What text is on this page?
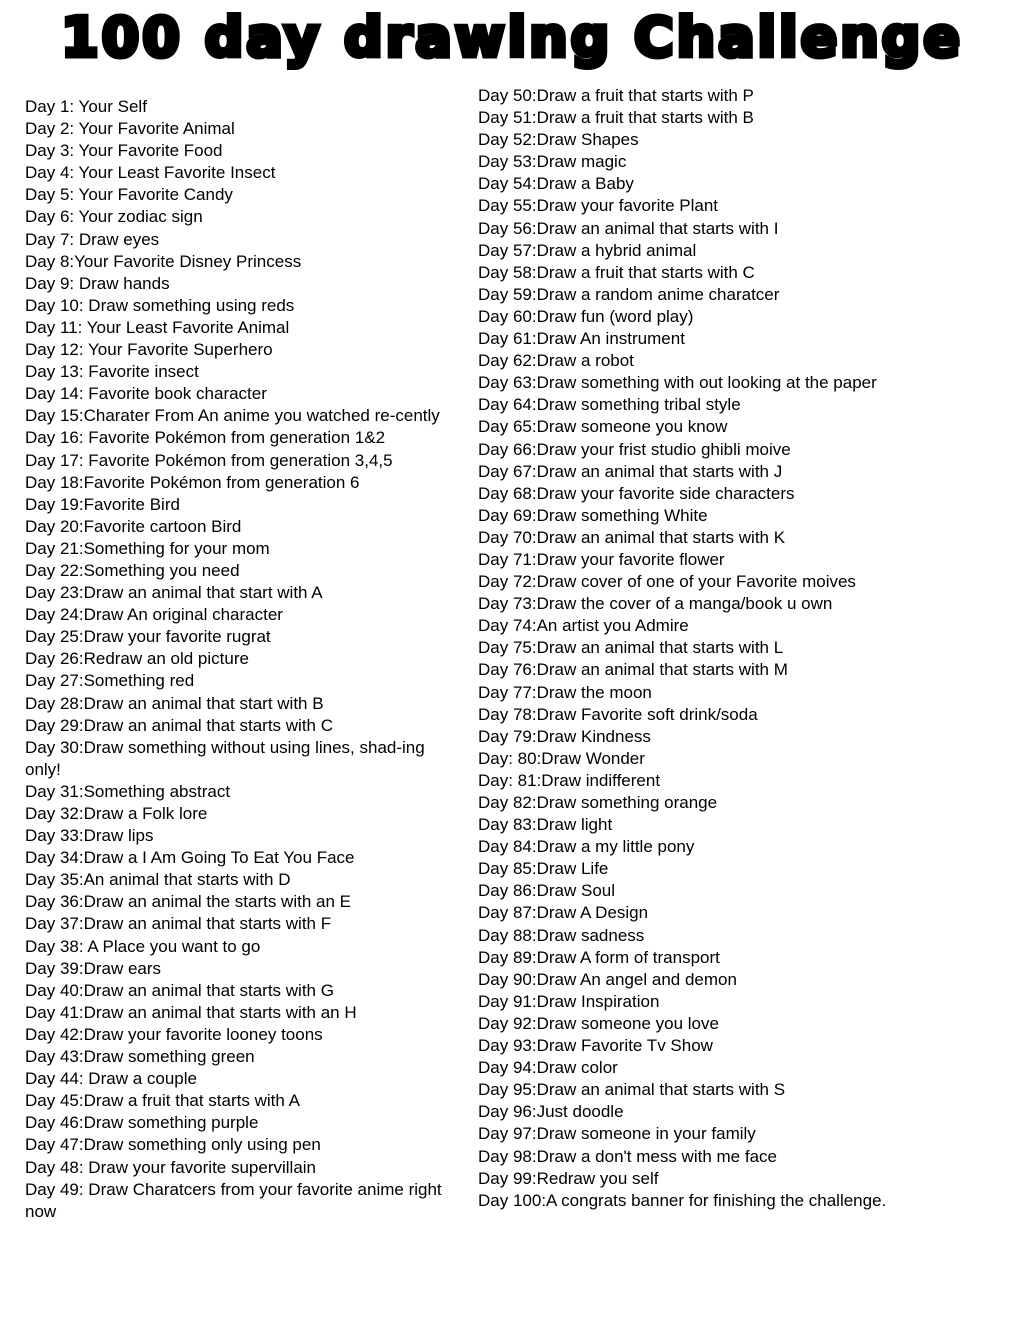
100 day drawing Challenge
Day 1: Your Self
Day 2: Your Favorite Animal
Day 3: Your Favorite Food
Day 4: Your Least Favorite Insect
Day 5: Your Favorite Candy
Day 6: Your zodiac sign
Day 7: Draw eyes
Day 8:Your Favorite Disney Princess
Day 9: Draw hands
Day 10: Draw something using reds
Day 11: Your Least Favorite Animal
Day 12: Your Favorite Superhero
Day 13: Favorite insect
Day 14: Favorite book character
Day 15:Charater From An anime you watched re-cently
Day 16: Favorite Pokémon from generation 1&2
Day 17: Favorite Pokémon from generation 3,4,5
Day 18:Favorite Pokémon from generation 6
Day 19:Favorite Bird
Day 20:Favorite cartoon Bird
Day 21:Something for your mom
Day 22:Something you need
Day 23:Draw an animal that start with A
Day 24:Draw An original character
Day 25:Draw your favorite rugrat
Day 26:Redraw an old picture
Day 27:Something red
Day 28:Draw an animal that start with B
Day 29:Draw an animal that starts with C
Day 30:Draw something without using lines, shad-ing only!
Day 31:Something abstract
Day 32:Draw a Folk lore
Day 33:Draw lips
Day 34:Draw a I Am Going To Eat You Face
Day 35:An animal that starts with D
Day 36:Draw an animal the starts with an E
Day 37:Draw an animal that starts with F
Day 38: A Place you want to go
Day 39:Draw ears
Day 40:Draw an animal that starts with G
Day 41:Draw an animal that starts with an H
Day 42:Draw your favorite looney toons
Day 43:Draw something green
Day 44: Draw a couple
Day 45:Draw a fruit that starts with A
Day 46:Draw something purple
Day 47:Draw something only using pen
Day 48: Draw your favorite supervillain
Day 49: Draw Charatcers from your favorite anime right now
Day 50:Draw a fruit that starts with P
Day 51:Draw a fruit that starts with B
Day 52:Draw Shapes
Day 53:Draw magic
Day 54:Draw a Baby
Day 55:Draw your favorite Plant
Day 56:Draw an animal that starts with I
Day 57:Draw a hybrid animal
Day 58:Draw a fruit that starts with C
Day 59:Draw a random anime charatcer
Day 60:Draw fun (word play)
Day 61:Draw An instrument
Day 62:Draw a robot
Day 63:Draw something with out looking at the paper
Day 64:Draw something tribal style
Day 65:Draw someone you know
Day 66:Draw your frist studio ghibli moive
Day 67:Draw an animal that starts with J
Day 68:Draw your favorite side characters
Day 69:Draw something White
Day 70:Draw an animal that starts with K
Day 71:Draw your favorite flower
Day 72:Draw cover of one of your Favorite moives
Day 73:Draw the cover of a manga/book u own
Day 74:An artist you Admire
Day 75:Draw an animal that starts with L
Day 76:Draw an animal that starts with M
Day 77:Draw the moon
Day 78:Draw Favorite soft drink/soda
Day 79:Draw Kindness
Day: 80:Draw Wonder
Day: 81:Draw indifferent
Day 82:Draw something orange
Day 83:Draw light
Day 84:Draw a my little pony
Day 85:Draw Life
Day 86:Draw Soul
Day 87:Draw A Design
Day 88:Draw sadness
Day 89:Draw A form of transport
Day 90:Draw An angel and demon
Day 91:Draw Inspiration
Day 92:Draw someone you love
Day 93:Draw Favorite Tv Show
Day 94:Draw color
Day 95:Draw an animal that starts with S
Day 96:Just doodle
Day 97:Draw someone in your family
Day 98:Draw a don't mess with me face
Day 99:Redraw you self
Day 100:A congrats banner for finishing the challenge.
